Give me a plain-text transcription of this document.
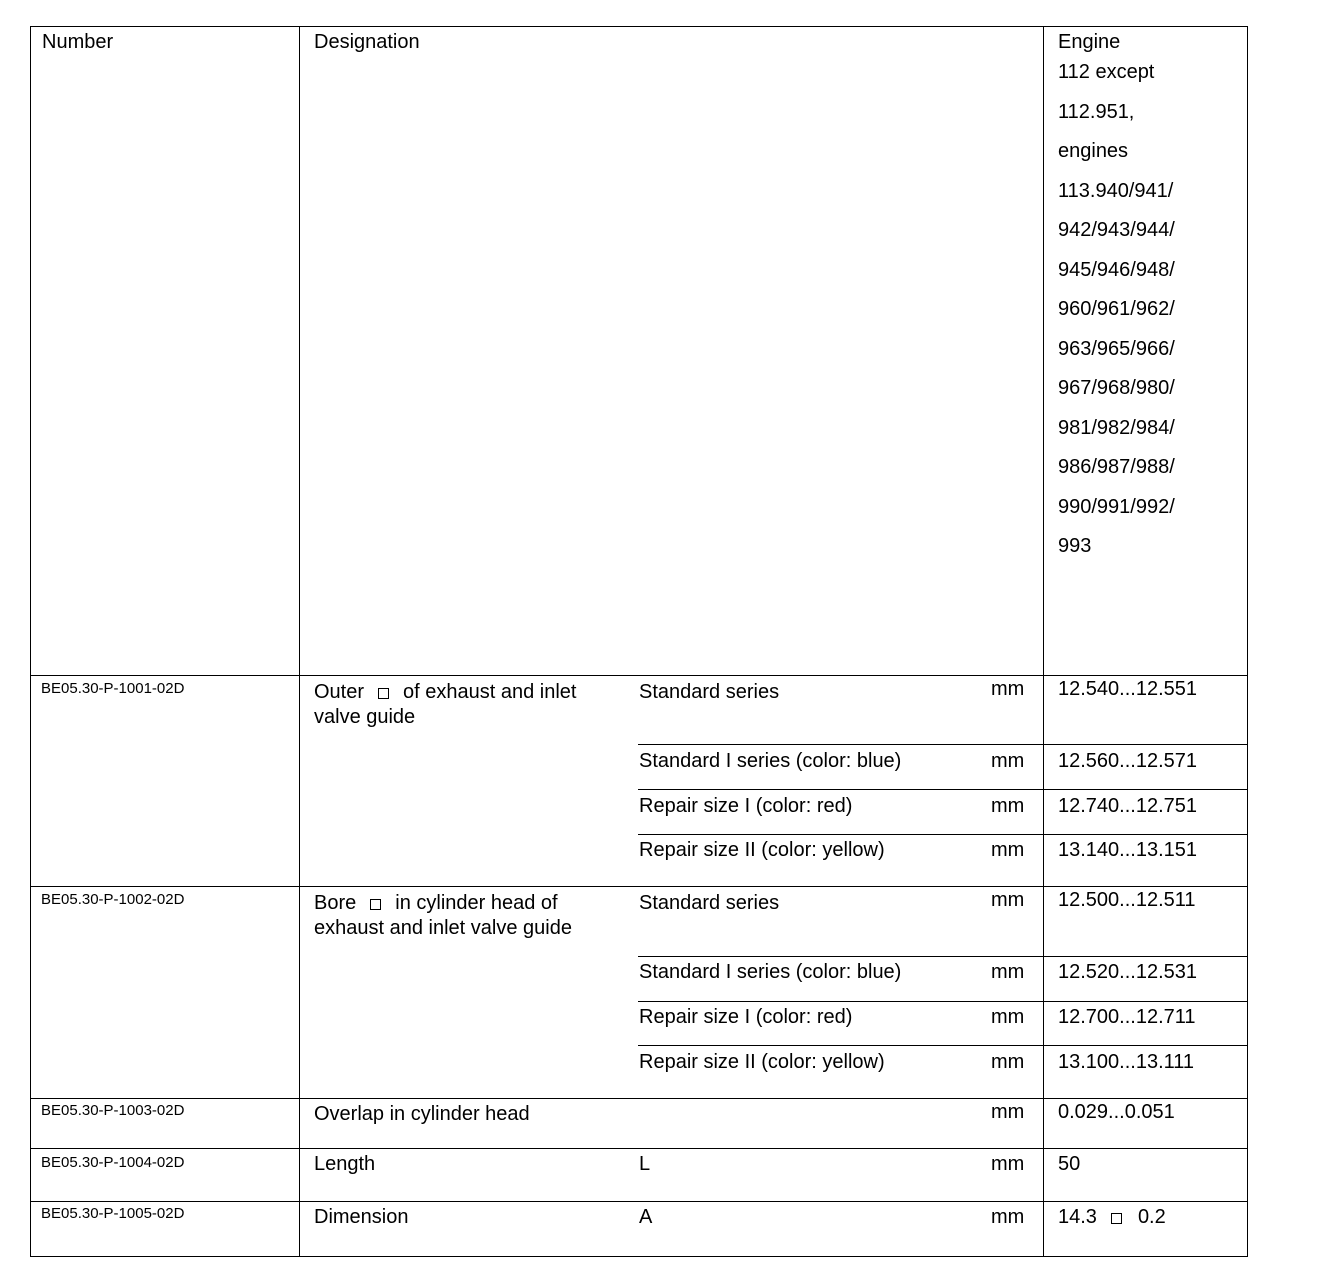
Number	Designation	Engine
112 except
112.951,
engines
113.940/941/
942/943/944/
945/946/948/
960/961/962/
963/965/966/
967/968/980/
981/982/984/
986/987/988/
990/991/992/
993
BE05.30-P-1001-02D	Outer of exhaust and inlet
valve guide
Standard series	mm 12.540...12.551
Standard I series (color: blue)	mm 12.560...12.571
Repair size I (color: red)	mm 12.740...12.751
Repair size II (color: yellow)	mm 13.140...13.151
BE05.30-P-1002-02D	Bore in cylinder head of
exhaust and inlet valve guide
Standard series	mm 12.500...12.511
Standard I series (color: blue)	mm 12.520...12.531
Repair size I (color: red)	mm 12.700...12.711
Repair size II (color: yellow)	mm 13.100...13.111
BE05.30-P-1003-02D	Overlap in cylinder head	mm 0.029...0.051
BE05.30-P-1004-02D	Length	L	mm 50
BE05.30-P-1005-02D	Dimension	A	mm 14.3 0.2
